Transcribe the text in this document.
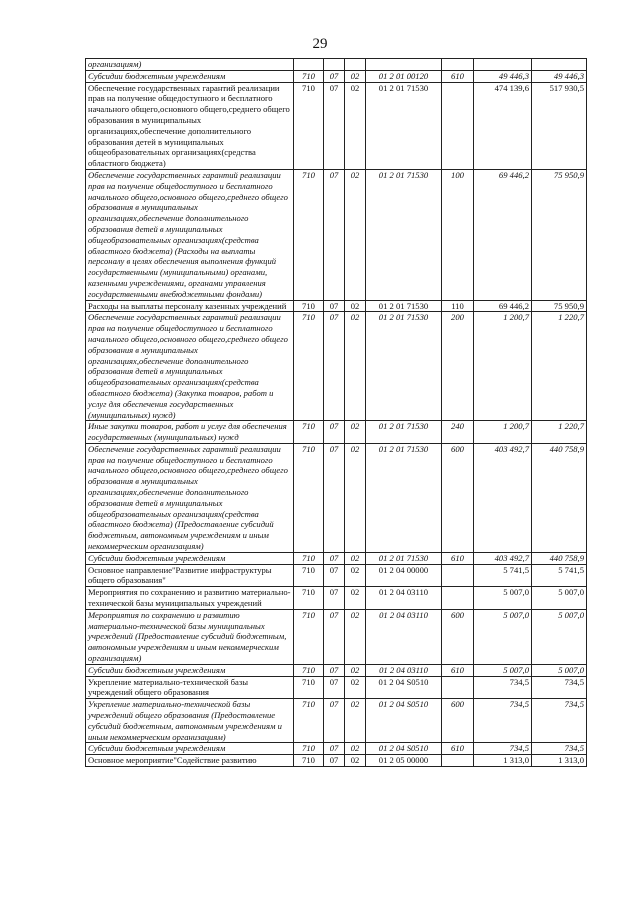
29
организациям)							
Субсидии бюджетным учреждениям	710	07	02	01 2 01 00120	610	49 446,3	49 446,3
Обеспечение государственных гарантий реализации прав на получение общедоступного и бесплатного начального общего,основного общего,среднего общего образования в муниципальных организациях,обеспечение дополнительного образования детей в муниципальных общеобразовательных организациях(средства областного бюджета)	710	07	02	01 2 01 71530		474 139,6	517 930,5
Обеспечение государственных гарантий реализации прав на получение общедоступного и бесплатного начального общего,основного общего,среднего общего образования в муниципальных организациях,обеспечение дополнительного образования детей в муниципальных общеобразовательных организациях(средства областного бюджета) (Расходы на выплаты персоналу в целях обеспечения выполнения функций государственными (муниципальными) органами, казенными учреждениями, органами управления государственными внебюджетными фондами)	710	07	02	01 2 01 71530	100	69 446,2	75 950,9
Расходы на выплаты персоналу казенных учреждений	710	07	02	01 2 01 71530	110	69 446,2	75 950,9
Обеспечение государственных гарантий реализации прав на получение общедоступного и бесплатного начального общего,основного общего,среднего общего образования в муниципальных организациях,обеспечение дополнительного образования детей в муниципальных общеобразовательных организациях(средства областного бюджета) (Закупка товаров, работ и услуг для обеспечения государственных (муниципальных) нужд)	710	07	02	01 2 01 71530	200	1 200,7	1 220,7
Иные закупки товаров, работ и услуг для обеспечения государственных (муниципальных) нужд	710	07	02	01 2 01 71530	240	1 200,7	1 220,7
Обеспечение государственных гарантий реализации прав на получение общедоступного и бесплатного начального общего,основного общего,среднего общего образования в муниципальных организациях,обеспечение дополнительного образования детей в муниципальных общеобразовательных организациях(средства областного бюджета) (Предоставление субсидий бюджетным, автономным учреждениям и иным некоммерческим организациям)	710	07	02	01 2 01 71530	600	403 492,7	440 758,9
Субсидии бюджетным учреждениям	710	07	02	01 2 01 71530	610	403 492,7	440 758,9
Основное направление"Развитие инфраструктуры общего образования"	710	07	02	01 2 04 00000		5 741,5	5 741,5
Мероприятия по сохранению и развитию материально-технической базы муниципальных учреждений	710	07	02	01 2 04 03110		5 007,0	5 007,0
Мероприятия по сохранению и развитию материально-технической базы муниципальных учреждений (Предоставление субсидий бюджетным, автономным учреждениям и иным некоммерческим организациям)	710	07	02	01 2 04 03110	600	5 007,0	5 007,0
Субсидии бюджетным учреждениям	710	07	02	01 2 04 03110	610	5 007,0	5 007,0
Укрепление материально-технической базы учреждений общего образования	710	07	02	01 2 04 S0510		734,5	734,5
Укрепление материально-технической базы учреждений общего образования (Предоставление субсидий бюджетным, автономным учреждениям и иным некоммерческим организациям)	710	07	02	01 2 04 S0510	600	734,5	734,5
Субсидии бюджетным учреждениям	710	07	02	01 2 04 S0510	610	734,5	734,5
Основное мероприятие"Содействие развитию	710	07	02	01 2 05 00000		1 313,0	1 313,0
